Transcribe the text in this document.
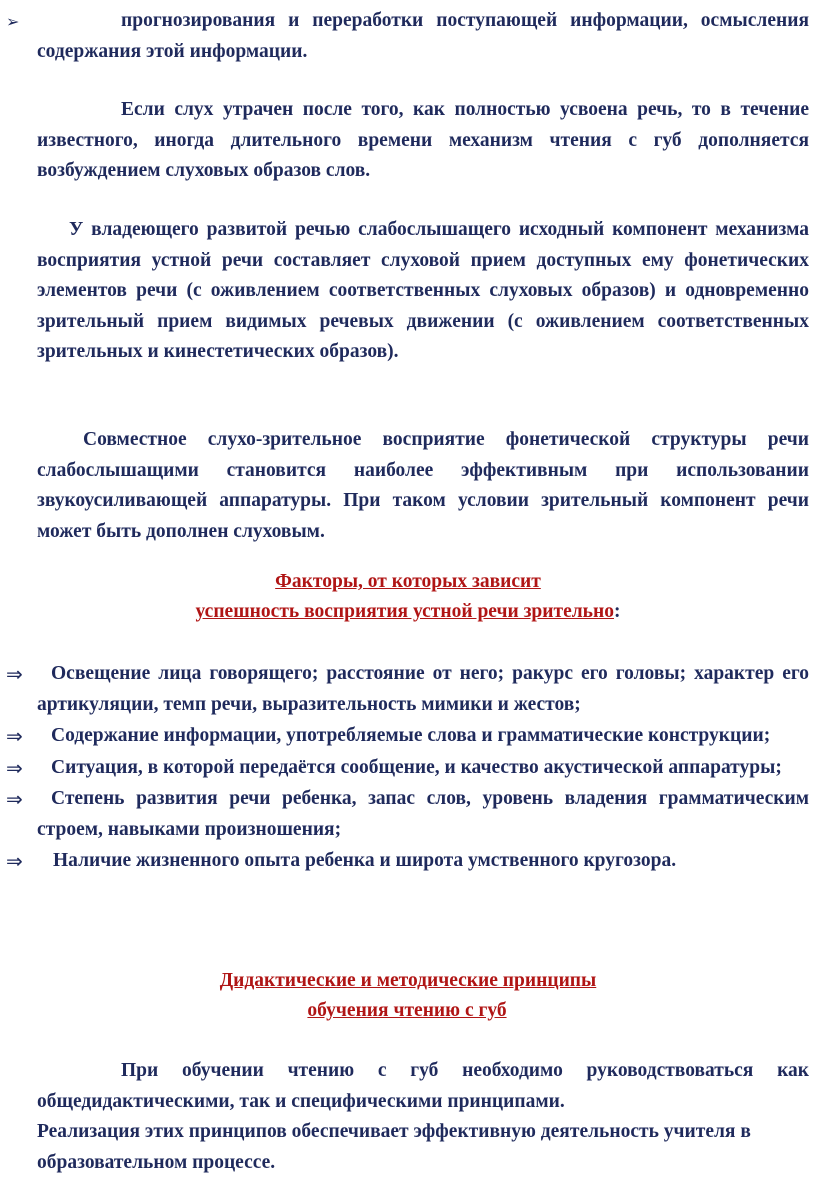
➢	прогнозирования и переработки поступающей информации, осмысления содержания этой информации.

Если слух утрачен после того, как полностью усвоена речь, то в течение известного, иногда длительного времени механизм чтения с губ дополняется возбуждением слуховых образов слов.

У владеющего развитой речью слабослышащего исходный компонент механизма восприятия устной речи составляет слуховой прием доступных ему фонетических элементов речи (с оживлением соответственных слуховых образов) и одновременно зрительный прием видимых речевых движении (с оживлением соответственных зрительных и кинестетических образов).

Совместное слухо-зрительное восприятие фонетической структуры речи слабослышащими становится наиболее эффективным при использовании звукоусиливающей аппаратуры. При таком условии зрительный компонент речи может быть дополнен слуховым.

Факторы, от которых зависит
успешность восприятия устной речи зрительно:
⇒	Освещение лица говорящего; расстояние от него; ракурс его головы; характер его артикуляции, темп речи, выразительность мимики и жестов;
⇒	Содержание информации, употребляемые слова и грамматические конструкции;
⇒	Ситуация, в которой передаётся сообщение, и качество акустической аппаратуры;
⇒	Степень развития речи ребенка, запас слов, уровень владения грамматическим строем, навыками произношения;
⇒	Наличие жизненного опыта ребенка и широта умственного кругозора.
Дидактические и методические принципы
обучения чтению с губ

При обучении чтению с губ необходимо руководствоваться как общедидактическими, так и специфическими принципами.

Реализация этих принципов обеспечивает эффективную деятельность учителя в образовательном процессе.
